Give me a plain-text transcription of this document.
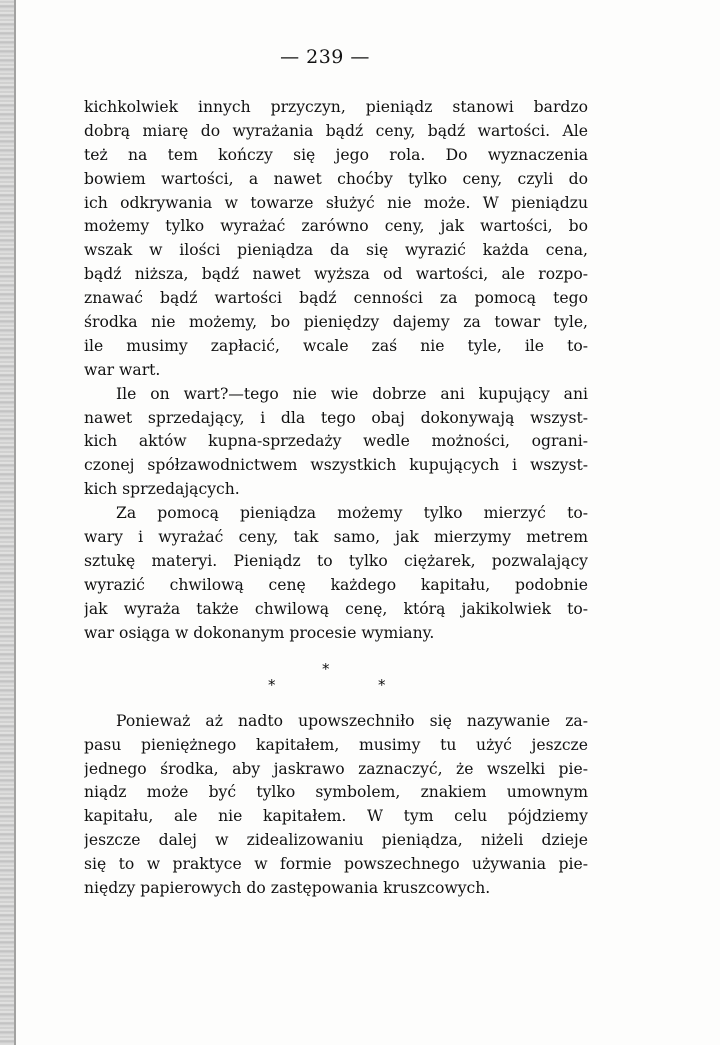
— 239 —
kichkolwiek innych przyczyn, pieniądz stanowi bardzo
dobrą miarę do wyrażania bądź ceny, bądź wartości. Ale
też na tem kończy się jego rola. Do wyznaczenia
bowiem wartości, a nawet choćby tylko ceny, czyli do
ich odkrywania w towarze służyć nie może. W pieniądzu
możemy tylko wyrażać zarówno ceny, jak wartości, bo
wszak w ilości pieniądza da się wyrazić każda cena,
bądź niższa, bądź nawet wyższa od wartości, ale rozpo-
znawać bądź wartości bądź cenności za pomocą tego
środka nie możemy, bo pieniędzy dajemy za towar tyle,
ile musimy zapłacić, wcale zaś nie tyle, ile to-
war wart.
Ile on wart?—tego nie wie dobrze ani kupujący ani
nawet sprzedający, i dla tego obaj dokonywają wszyst-
kich aktów kupna-sprzedaży wedle możności, ograni-
czonej spółzawodnictwem wszystkich kupujących i wszyst-
kich sprzedających.
Za pomocą pieniądza możemy tylko mierzyć to-
wary i wyrażać ceny, tak samo, jak mierzymy metrem
sztukę materyi. Pieniądz to tylko ciężarek, pozwalający
wyrazić chwilową cenę każdego kapitału, podobnie
jak wyraża także chwilową cenę, którą jakikolwiek to-
war osiąga w dokonanym procesie wymiany.
*
*	*
Ponieważ aż nadto upowszechniło się nazywanie za-
pasu pieniężnego kapitałem, musimy tu użyć jeszcze
jednego środka, aby jaskrawo zaznaczyć, że wszelki pie-
niądz może być tylko symbolem, znakiem umownym
kapitału, ale nie kapitałem. W tym celu pójdziemy
jeszcze dalej w zidealizowaniu pieniądza, niżeli dzieje
się to w praktyce w formie powszechnego używania pie-
niędzy papierowych do zastępowania kruszcowych.
